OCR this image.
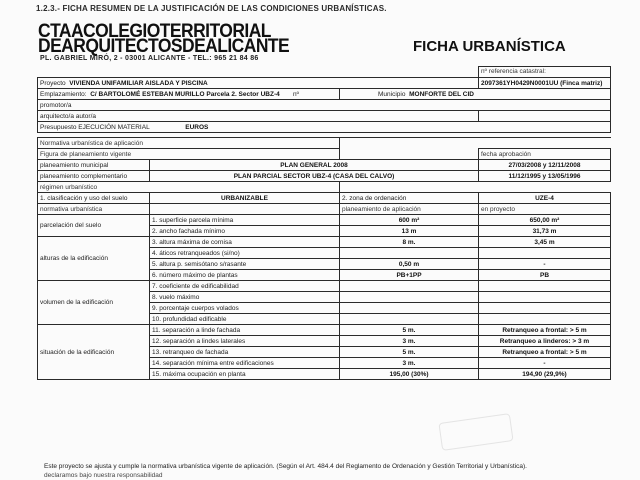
1.2.3.- FICHA RESUMEN DE LA JUSTIFICACIÓN DE LAS CONDICIONES URBANÍSTICAS.
CTAACOLEGIOTERRITORIAL
DEARQUITECTOSDEALICANTE
PL. GABRIEL MIRÓ, 2 - 03001 ALICANTE - TEL.: 965 21 84 86
FICHA URBANÍSTICA
			nº referencia catastral:
Proyecto VIVIENDA UNIFAMILIAR AISLADA Y PISCINA			2097361YH0429N0001UU (Finca matriz)
Emplazamiento: C/ BARTOLOMÉ ESTEBAN MURILLO Parcela 2. Sector UBZ-4 nº		Municipio MONFORTE DEL CID	
promotor/a			
arquitecto/a autor/a			
Presupuesto EJECUCIÓN MATERIAL EUROS			

Normativa urbanística de aplicación			
Figura de planeamiento vigente			fecha aprobación
planeamiento municipal	PLAN GENERAL 2008		27/03/2008 y 12/11/2008
planeamiento complementario	PLAN PARCIAL SECTOR UBZ-4 (CASA DEL CALVO)		11/12/1995 y 13/05/1996
régimen urbanístico			
1. clasificación y uso del suelo	URBANIZABLE	2. zona de ordenación	UZE-4
normativa urbanística		planeamiento de aplicación	en proyecto
parcelación del suelo	1. superficie parcela mínima	600 m²	650,00 m²
	2. ancho fachada mínimo	13 m	31,73 m
alturas de la edificación	3. altura máxima de cornisa	8 m.	3,45 m
	4. áticos retranqueados (si/no)		
	5. altura p. semisótano s/rasante	0,50 m	-
	6. número máximo de plantas	PB+1PP	PB
volumen de la edificación	7. coeficiente de edificabilidad		
	8. vuelo máximo		
	9. porcentaje cuerpos volados		
	10. profundidad edificable		
situación de la edificación	11. separación a linde fachada	5 m.	Retranqueo a frontal: > 5 m
	12. separación a lindes laterales	3 m.	Retranqueo a linderos: > 3 m
	13. retranqueo de fachada	5 m.	Retranqueo a frontal: > 5 m
	14. separación mínima entre edificaciones	3 m.	-
	15. máxima ocupación en planta	195,00 (30%)	194,90 (29,9%)
Este proyecto se ajusta y cumple la normativa urbanística vigente de aplicación. (Según el Art. 484.4 del Reglamento de Ordenación y Gestión Territorial y Urbanística).
declaramos bajo nuestra responsabilidad
